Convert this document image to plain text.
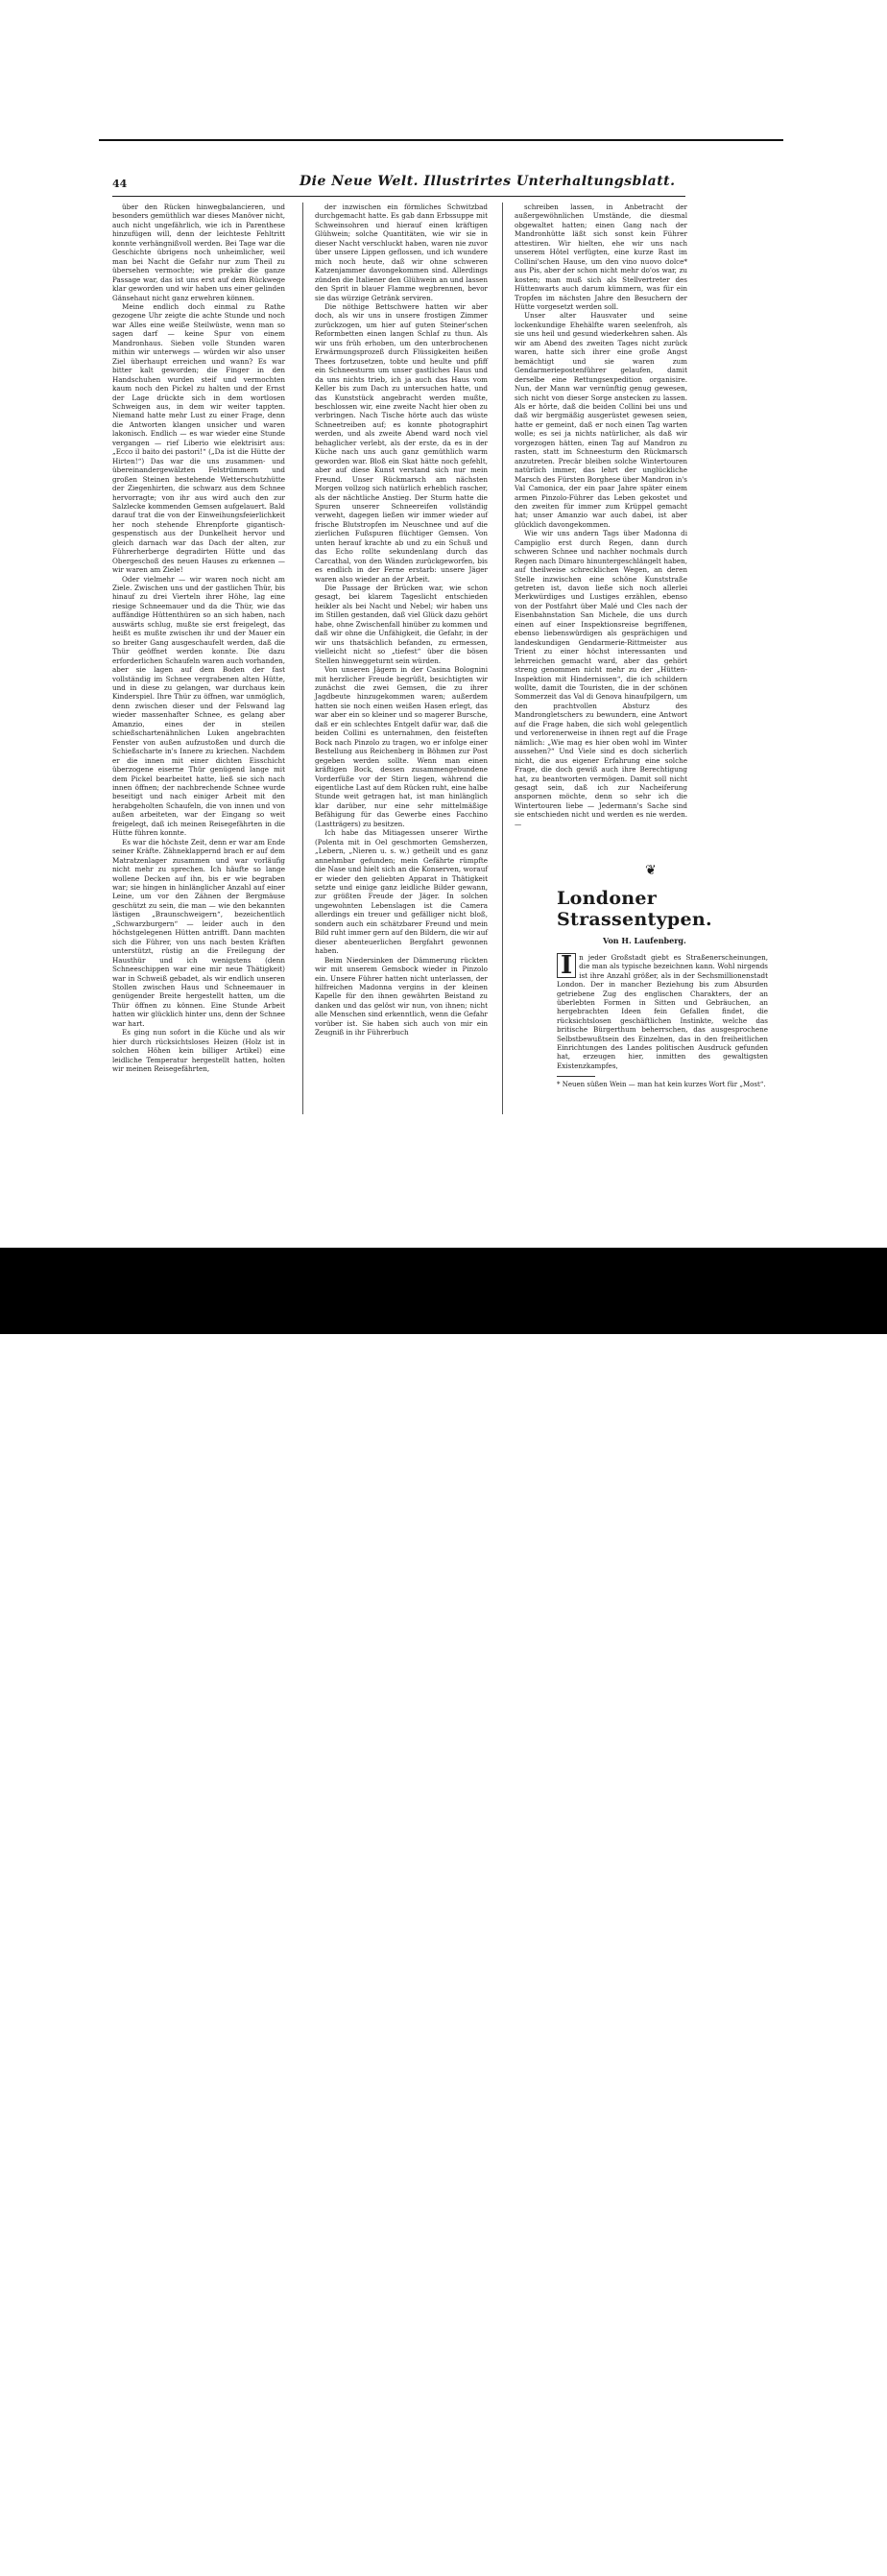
44	Die Neue Welt. Illustrirtes Unterhaltungsblatt.

über den Rücken hinwegbalancieren, und besonders gemüthlich war dieses Manöver nicht, auch nicht ungefährlich, wie ich in Parenthese hinzufügen will, denn der leichteste Fehltritt konnte verhängnißvoll werden. Bei Tage war die Geschichte übrigens noch unheimlicher, weil man bei Nacht die Gefahr nur zum Theil zu übersehen vermochte; wie prekär die ganze Passage war, das ist uns erst auf dem Rückwege klar geworden und wir haben uns einer gelinden Gänsehaut nicht ganz erwehren können.

Meine endlich doch einmal zu Rathe gezogene Uhr zeigte die achte Stunde und noch war Alles eine weiße Steilwüste, wenn man so sagen darf — keine Spur von einem Mandronhaus. Sieben volle Stunden waren mithin wir unterwegs — würden wir also unser Ziel überhaupt erreichen und wann? Es war bitter kalt geworden; die Finger in den Handschuhen wurden steif und vermochten kaum noch den Pickel zu halten und der Ernst der Lage drückte sich in dem wortlosen Schweigen aus, in dem wir weiter tappten. Niemand hatte mehr Lust zu einer Frage, denn die Antworten klangen unsicher und waren lakonisch. Endlich — es war wieder eine Stunde vergangen — rief Liberio wie elektrisirt aus: „Ecco il baito dei pastori!“ („Da ist die Hütte der Hirten!“) Das war die uns zusammen- und übereinandergewälzten Felstrümmern und großen Steinen bestehende Wetterschutzhütte der Ziegenhirten, die schwarz aus dem Schnee hervorragte; von ihr aus wird auch den zur Salzlecke kommenden Gemsen aufgelauert. Bald darauf trat die von der Einweihungsfeierlichkeit her noch stehende Ehrenpforte gigantisch-gespenstisch aus der Dunkelheit hervor und gleich darnach war das Dach der alten, zur Führerherberge degradirten Hütte und das Obergeschoß des neuen Hauses zu erkennen — wir waren am Ziele!

Oder vielmehr — wir waren noch nicht am Ziele. Zwischen uns und der gastlichen Thür, bis hinauf zu drei Vierteln ihrer Höhe, lag eine riesige Schneemauer und da die Thür, wie das auffändige Hüttenthüren so an sich haben, nach auswärts schlug, mußte sie erst freigelegt, das heißt es mußte zwischen ihr und der Mauer ein so breiter Gang ausgeschaufelt werden, daß die Thür geöffnet werden konnte. Die dazu erforderlichen Schaufeln waren auch vorhanden, aber sie lagen auf dem Boden der fast vollständig im Schnee vergrabenen alten Hütte, und in diese zu gelangen, war durchaus kein Kinderspiel. Ihre Thür zu öffnen, war unmöglich, denn zwischen dieser und der Felswand lag wieder massenhafter Schnee, es gelang aber Amanzio, eines der in steilen schießschartenähnlichen Luken angebrachten Fenster von außen aufzustoßen und durch die Schießscharte in's Innere zu kriechen. Nachdem er die innen mit einer dichten Eisschicht überzogene eiserne Thür genügend lange mit dem Pickel bearbeitet hatte, ließ sie sich nach innen öffnen; der nachbrechende Schnee wurde beseitigt und nach einiger Arbeit mit den herabgeholten Schaufeln, die von innen und von außen arbeiteten, war der Eingang so weit freigelegt, daß ich meinen Reisegefährten in die Hütte führen konnte.

Es war die höchste Zeit, denn er war am Ende seiner Kräfte. Zähneklappernd brach er auf dem Matratzenlager zusammen und war vorläufig nicht mehr zu sprechen. Ich häufte so lange wollene Decken auf ihn, bis er wie begraben war; sie hingen in hinlänglicher Anzahl auf einer Leine, um vor den Zähnen der Bergmäuse geschützt zu sein, die man — wie den bekannten lästigen „Braunschweigern“, bezeichentlich „Schwarzburgern“ — leider auch in den höchstgelegenen Hütten antrifft. Dann machten sich die Führer, von uns nach besten Kräften unterstützt, rüstig an die Freilegung der Hausthür und ich wenigstens (denn Schneeschippen war eine mir neue Thätigkeit) war in Schweiß gebadet, als wir endlich unseren Stollen zwischen Haus und Schneemauer in genügender Breite hergestellt hatten, um die Thür öffnen zu können. Eine Stunde Arbeit hatten wir glücklich hinter uns, denn der Schnee war hart.

Es ging nun sofort in die Küche und als wir hier durch rücksichtsloses Heizen (Holz ist in solchen Höhen kein billiger Artikel) eine leidliche Temperatur hergestellt hatten, holten wir meinen Reisegefährten,

der inzwischen ein förmliches Schwitzbad durchgemacht hatte. Es gab dann Erbssuppe mit Schweinsohren und hierauf einen kräftigen Glühwein; solche Quantitäten, wie wir sie in dieser Nacht verschluckt haben, waren nie zuvor über unsere Lippen geflossen, und ich wundere mich noch heute, daß wir ohne schweren Katzenjammer davongekommen sind. Allerdings zünden die Italiener den Glühwein an und lassen den Sprit in blauer Flamme wegbrennen, bevor sie das würzige Getränk serviren.

Die nöthige Bettschwere hatten wir aber doch, als wir uns in unsere frostigen Zimmer zurückzogen, um hier auf guten Steiner'schen Reformbetten einen langen Schlaf zu thun. Als wir uns früh erhoben, um den unterbrochenen Erwärmungsprozeß durch Flüssigkeiten heißen Thees fortzusetzen, tobte und heulte und pfiff ein Schneesturm um unser gastliches Haus und da uns nichts trieb, ich ja auch das Haus vom Keller bis zum Dach zu untersuchen hatte, und das Kunststück angebracht werden mußte, beschlossen wir, eine zweite Nacht hier oben zu verbringen. Nach Tische hörte auch das wüste Schneetreiben auf; es konnte photographirt werden, und als zweite Abend ward noch viel behaglicher verlebt, als der erste, da es in der Küche nach uns auch ganz gemüthlich warm geworden war. Bloß ein Skat hätte noch gefehlt, aber auf diese Kunst verstand sich nur mein Freund. Unser Rückmarsch am nächsten Morgen vollzog sich natürlich erheblich rascher, als der nächtliche Anstieg. Der Sturm hatte die Spuren unserer Schneereifen vollständig verweht, dagegen ließen wir immer wieder auf frische Blutstropfen im Neuschnee und auf die zierlichen Fußspuren flüchtiger Gemsen. Von unten herauf krachte ab und zu ein Schuß und das Echo rollte sekundenlang durch das Carcathal, von den Wänden zurückgeworfen, bis es endlich in der Ferne erstarb: unsere Jäger waren also wieder an der Arbeit.

Die Passage der Brücken war, wie schon gesagt, bei klarem Tageslicht entschieden heikler als bei Nacht und Nebel; wir haben uns im Stillen gestanden, daß viel Glück dazu gehört habe, ohne Zwischenfall hinüber zu kommen und daß wir ohne die Unfähigkeit, die Gefahr, in der wir uns thatsächlich befanden, zu ermessen, vielleicht nicht so „tiefest“ über die bösen Stellen hinweggeturnt sein würden.

Von unseren Jägern in der Casina Bolognini mit herzlicher Freude begrüßt, besichtigten wir zunächst die zwei Gemsen, die zu ihrer Jagdbeute hinzugekommen waren; außerdem hatten sie noch einen weißen Hasen erlegt, das war aber ein so kleiner und so magerer Bursche, daß er ein schlechtes Entgelt dafür war, daß die beiden Collini es unternahmen, den feisteften Bock nach Pinzolo zu tragen, wo er infolge einer Bestellung aus Reichenberg in Böhmen zur Post gegeben werden sollte. Wenn man einen kräftigen Bock, dessen zusammengebundene Vorderfüße vor der Stirn liegen, während die eigentliche Last auf dem Rücken ruht, eine halbe Stunde weit getragen hat, ist man hinlänglich klar darüber, nur eine sehr mittelmäßige Befähigung für das Gewerbe eines Facchino (Lastträgers) zu besitzen.

Ich habe das Mitiagessen unserer Wirthe (Polenta mit in Oel geschmorten Gemsherzen, „Lebern, „Nieren u. s. w.) getheilt und es ganz annehmbar gefunden; mein Gefährte rümpfte die Nase und hielt sich an die Konserven, worauf er wieder den geliebten Apparat in Thätigkeit setzte und einige ganz leidliche Bilder gewann, zur größten Freude der Jäger. In solchen ungewohnten Lebenslagen ist die Camera allerdings ein treuer und gefälliger nicht bloß, sondern auch ein schätzbarer Freund und mein Bild ruht immer gern auf den Bildern, die wir auf dieser abenteuerlichen Bergfahrt gewonnen haben.

Beim Niedersinken der Dämmerung rückten wir mit unserem Gemsbock wieder in Pinzolo ein. Unsere Führer hatten nicht unterlassen, der hilfreichen Madonna vergins in der kleinen Kapelle für den ihnen gewährten Beistand zu danken und das gelöst wir nun, von ihnen; nicht alle Menschen sind erkenntlich, wenn die Gefahr vorüber ist. Sie haben sich auch von mir ein Zeugniß in ihr Führerbuch

schreiben lassen, in Anbetracht der außergewöhnlichen Umstände, die diesmal obgewaltet hatten; einen Gang nach der Mandronhütte läßt sich sonst kein Führer attestiren. Wir hielten, ehe wir uns nach unserem Hôtel verfügten, eine kurze Rast im Collini'schen Hause, um den vino nuovo dolce* aus Pis, aber der schon nicht mehr do'os war, zu kosten; man muß sich als Stellvertreter des Hüttenwarts auch darum kümmern, was für ein Tropfen im nächsten Jahre den Besuchern der Hütte vorgesetzt werden soll.

Unser alter Hausvater und seine lockenkundige Ehehälfte waren seelenfroh, als sie uns heil und gesund wiederkehren sahen. Als wir am Abend des zweiten Tages nicht zurück waren, hatte sich ihrer eine große Angst bemächtigt und sie waren zum Gendarmeriepostenführer gelaufen, damit derselbe eine Rettungsexpedition organisire. Nun, der Mann war vernünftig genug gewesen, sich nicht von dieser Sorge anstecken zu lassen. Als er hörte, daß die beiden Collini bei uns und daß wir bergmäßig ausgerüstet gewesen seien, hatte er gemeint, daß er noch einen Tag warten wolle; es sei ja nichts natürlicher, als daß wir vorgezogen hätten, einen Tag auf Mandron zu rasten, statt im Schneesturm den Rückmarsch anzutreten. Precär bleiben solche Wintertouren natürlich immer, das lehrt der unglückliche Marsch des Fürsten Borghese über Mandron in's Val Camonica, der ein paar Jahre später einem armen Pinzolo-Führer das Leben gekostet und den zweiten für immer zum Krüppel gemacht hat; unser Amanzio war auch dabei, ist aber glücklich davongekommen.

Wie wir uns andern Tags über Madonna di Campiglio erst durch Regen, dann durch schweren Schnee und nachher nochmals durch Regen nach Dimaro hinuntergeschlängelt haben, auf theilweise schrecklichen Wegen, an deren Stelle inzwischen eine schöne Kunststraße getreten ist, davon ließe sich noch allerlei Merkwürdiges und Lustiges erzählen, ebenso von der Postfahrt über Malé und Cles nach der Eisenbahnstation San Michele, die uns durch einen auf einer Inspektionsreise begriffenen, ebenso liebenswürdigen als gesprächigen und landeskundigen Gendarmerie-Rittmeister aus Trient zu einer höchst interessanten und lehrreichen gemacht ward, aber das gehört streng genommen nicht mehr zu der „Hütten-Inspektion mit Hindernissen“, die ich schildern wollte, damit die Touristen, die in der schönen Sommerzeit das Val di Genova hinaufpilgern, um den prachtvollen Absturz des Mandrongletschers zu bewundern, eine Antwort auf die Frage haben, die sich wohl gelegentlich und verlorenerweise in ihnen regt auf die Frage nämlich: „Wie mag es hier oben wohl im Winter aussehen?“ Und Viele sind es doch sicherlich nicht, die aus eigener Erfahrung eine solche Frage, die doch gewiß auch ihre Berechtigung hat, zu beantworten vermögen. Damit soll nicht gesagt sein, daß ich zur Nacheiferung anspornen möchte, denn so sehr ich die Wintertouren liebe — Jedermann's Sache sind sie entschieden nicht und werden es nie werden. —

❦
Londoner Strassentypen.
Von H. Laufenberg.
I n jeder Großstadt giebt es Straßenerscheinungen, die man als typische bezeichnen kann. Wohl nirgends ist ihre Anzahl größer, als in der Sechsmillionenstadt London. Der in mancher Beziehung bis zum Absurden getriebene Zug des englischen Charakters, der an überlebten Formen in Sitten und Gebräuchen, an hergebrachten Ideen fein Gefallen findet, die rücksichtslosen geschäftlichen Instinkte, welche das britische Bürgerthum beherrschen, das ausgesprochene Selbstbewußtsein des Einzelnen, das in den freiheitlichen Einrichtungen des Landes politischen Ausdruck gefunden hat, erzeugen hier, inmitten des gewaltigsten Existenzkampfes,
* Neuen süßen Wein — man hat kein kurzes Wort für „Most“.
www.alamy.com - JFY9X0
